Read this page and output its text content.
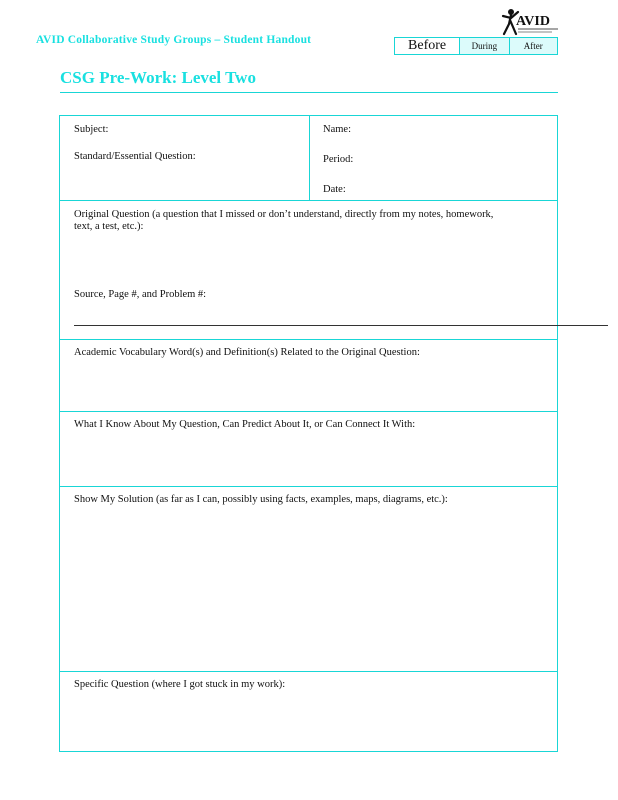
AVID Collaborative Study Groups – Student Handout
AVID
Before	During	After
CSG Pre-Work: Level Two
Subject:
Standard/Essential Question:
Name:
Period:
Date:
Original Question (a question that I missed or don’t understand, directly from my notes, homework, text, a test, etc.):
Source, Page #, and Problem #:
Academic Vocabulary Word(s) and Definition(s) Related to the Original Question:
What I Know About My Question, Can Predict About It, or Can Connect It With:
Show My Solution (as far as I can, possibly using facts, examples, maps, diagrams, etc.):
Specific Question (where I got stuck in my work):
